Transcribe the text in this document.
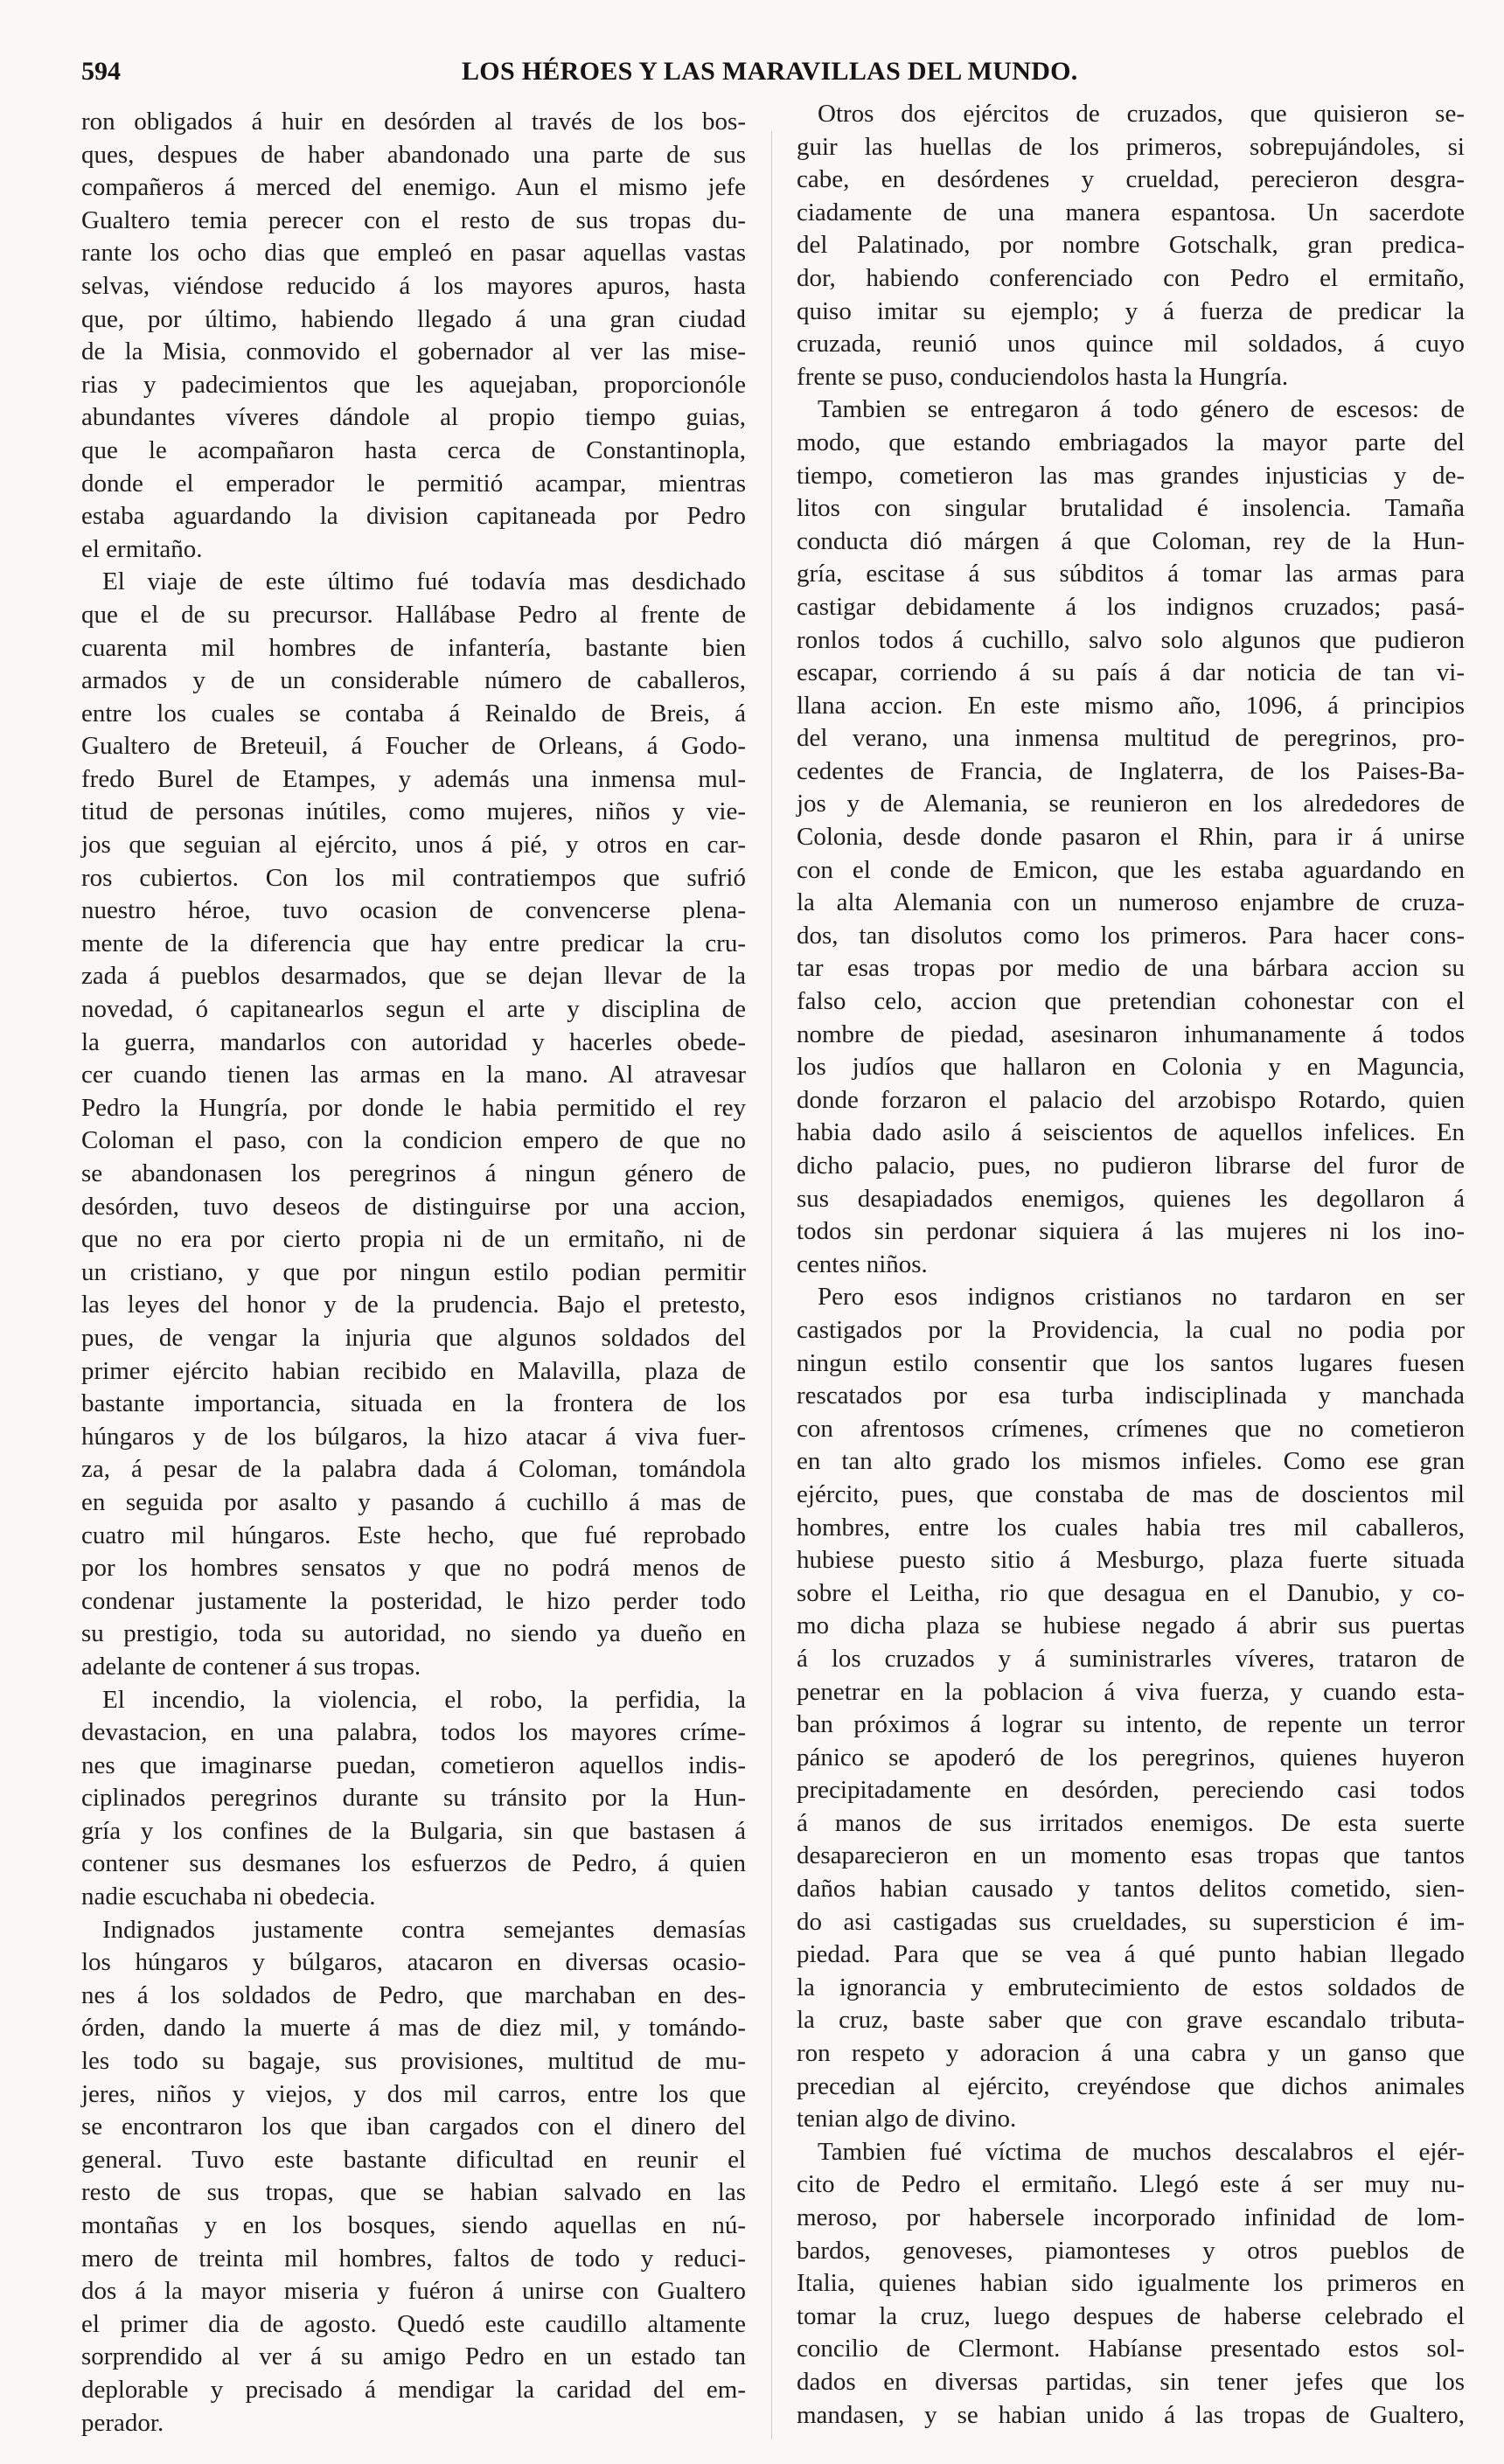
594	LOS HÉROES Y LAS MARAVILLAS DEL MUNDO.
ron obligados á huir en desórden al través de los bos-
ques, despues de haber abandonado una parte de sus
compañeros á merced del enemigo. Aun el mismo jefe
Gualtero temia perecer con el resto de sus tropas du-
rante los ocho dias que empleó en pasar aquellas vastas
selvas, viéndose reducido á los mayores apuros, hasta
que, por último, habiendo llegado á una gran ciudad
de la Misia, conmovido el gobernador al ver las mise-
rias y padecimientos que les aquejaban, proporcionóle
abundantes víveres dándole al propio tiempo guias,
que le acompañaron hasta cerca de Constantinopla,
donde el emperador le permitió acampar, mientras
estaba aguardando la division capitaneada por Pedro
el ermitaño.
El viaje de este último fué todavía mas desdichado
que el de su precursor. Hallábase Pedro al frente de
cuarenta mil hombres de infantería, bastante bien
armados y de un considerable número de caballeros,
entre los cuales se contaba á Reinaldo de Breis, á
Gualtero de Breteuil, á Foucher de Orleans, á Godo-
fredo Burel de Etampes, y además una inmensa mul-
titud de personas inútiles, como mujeres, niños y vie-
jos que seguian al ejército, unos á pié, y otros en car-
ros cubiertos. Con los mil contratiempos que sufrió
nuestro héroe, tuvo ocasion de convencerse plena-
mente de la diferencia que hay entre predicar la cru-
zada á pueblos desarmados, que se dejan llevar de la
novedad, ó capitanearlos segun el arte y disciplina de
la guerra, mandarlos con autoridad y hacerles obede-
cer cuando tienen las armas en la mano. Al atravesar
Pedro la Hungría, por donde le habia permitido el rey
Coloman el paso, con la condicion empero de que no
se abandonasen los peregrinos á ningun género de
desórden, tuvo deseos de distinguirse por una accion,
que no era por cierto propia ni de un ermitaño, ni de
un cristiano, y que por ningun estilo podian permitir
las leyes del honor y de la prudencia. Bajo el pretesto,
pues, de vengar la injuria que algunos soldados del
primer ejército habian recibido en Malavilla, plaza de
bastante importancia, situada en la frontera de los
húngaros y de los búlgaros, la hizo atacar á viva fuer-
za, á pesar de la palabra dada á Coloman, tomándola
en seguida por asalto y pasando á cuchillo á mas de
cuatro mil húngaros. Este hecho, que fué reprobado
por los hombres sensatos y que no podrá menos de
condenar justamente la posteridad, le hizo perder todo
su prestigio, toda su autoridad, no siendo ya dueño en
adelante de contener á sus tropas.
El incendio, la violencia, el robo, la perfidia, la
devastacion, en una palabra, todos los mayores críme-
nes que imaginarse puedan, cometieron aquellos indis-
ciplinados peregrinos durante su tránsito por la Hun-
gría y los confines de la Bulgaria, sin que bastasen á
contener sus desmanes los esfuerzos de Pedro, á quien
nadie escuchaba ni obedecia.
Indignados justamente contra semejantes demasías
los húngaros y búlgaros, atacaron en diversas ocasio-
nes á los soldados de Pedro, que marchaban en des-
órden, dando la muerte á mas de diez mil, y tomándo-
les todo su bagaje, sus provisiones, multitud de mu-
jeres, niños y viejos, y dos mil carros, entre los que
se encontraron los que iban cargados con el dinero del
general. Tuvo este bastante dificultad en reunir el
resto de sus tropas, que se habian salvado en las
montañas y en los bosques, siendo aquellas en nú-
mero de treinta mil hombres, faltos de todo y reduci-
dos á la mayor miseria y fuéron á unirse con Gualtero
el primer dia de agosto. Quedó este caudillo altamente
sorprendido al ver á su amigo Pedro en un estado tan
deplorable y precisado á mendigar la caridad del em-
perador.
Otros dos ejércitos de cruzados, que quisieron se-
guir las huellas de los primeros, sobrepujándoles, si
cabe, en desórdenes y crueldad, perecieron desgra-
ciadamente de una manera espantosa. Un sacerdote
del Palatinado, por nombre Gotschalk, gran predica-
dor, habiendo conferenciado con Pedro el ermitaño,
quiso imitar su ejemplo; y á fuerza de predicar la
cruzada, reunió unos quince mil soldados, á cuyo
frente se puso, conduciendolos hasta la Hungría.
Tambien se entregaron á todo género de escesos: de
modo, que estando embriagados la mayor parte del
tiempo, cometieron las mas grandes injusticias y de-
litos con singular brutalidad é insolencia. Tamaña
conducta dió márgen á que Coloman, rey de la Hun-
gría, escitase á sus súbditos á tomar las armas para
castigar debidamente á los indignos cruzados; pasá-
ronlos todos á cuchillo, salvo solo algunos que pudieron
escapar, corriendo á su país á dar noticia de tan vi-
llana accion. En este mismo año, 1096, á principios
del verano, una inmensa multitud de peregrinos, pro-
cedentes de Francia, de Inglaterra, de los Paises-Ba-
jos y de Alemania, se reunieron en los alrededores de
Colonia, desde donde pasaron el Rhin, para ir á unirse
con el conde de Emicon, que les estaba aguardando en
la alta Alemania con un numeroso enjambre de cruza-
dos, tan disolutos como los primeros. Para hacer cons-
tar esas tropas por medio de una bárbara accion su
falso celo, accion que pretendian cohonestar con el
nombre de piedad, asesinaron inhumanamente á todos
los judíos que hallaron en Colonia y en Maguncia,
donde forzaron el palacio del arzobispo Rotardo, quien
habia dado asilo á seiscientos de aquellos infelices. En
dicho palacio, pues, no pudieron librarse del furor de
sus desapiadados enemigos, quienes les degollaron á
todos sin perdonar siquiera á las mujeres ni los ino-
centes niños.
Pero esos indignos cristianos no tardaron en ser
castigados por la Providencia, la cual no podia por
ningun estilo consentir que los santos lugares fuesen
rescatados por esa turba indisciplinada y manchada
con afrentosos crímenes, crímenes que no cometieron
en tan alto grado los mismos infieles. Como ese gran
ejército, pues, que constaba de mas de doscientos mil
hombres, entre los cuales habia tres mil caballeros,
hubiese puesto sitio á Mesburgo, plaza fuerte situada
sobre el Leitha, rio que desagua en el Danubio, y co-
mo dicha plaza se hubiese negado á abrir sus puertas
á los cruzados y á suministrarles víveres, trataron de
penetrar en la poblacion á viva fuerza, y cuando esta-
ban próximos á lograr su intento, de repente un terror
pánico se apoderó de los peregrinos, quienes huyeron
precipitadamente en desórden, pereciendo casi todos
á manos de sus irritados enemigos. De esta suerte
desaparecieron en un momento esas tropas que tantos
daños habian causado y tantos delitos cometido, sien-
do asi castigadas sus crueldades, su supersticion é im-
piedad. Para que se vea á qué punto habian llegado
la ignorancia y embrutecimiento de estos soldados de
la cruz, baste saber que con grave escandalo tributa-
ron respeto y adoracion á una cabra y un ganso que
precedian al ejército, creyéndose que dichos animales
tenian algo de divino.
Tambien fué víctima de muchos descalabros el ejér-
cito de Pedro el ermitaño. Llegó este á ser muy nu-
meroso, por habersele incorporado infinidad de lom-
bardos, genoveses, piamonteses y otros pueblos de
Italia, quienes habian sido igualmente los primeros en
tomar la cruz, luego despues de haberse celebrado el
concilio de Clermont. Habíanse presentado estos sol-
dados en diversas partidas, sin tener jefes que los
mandasen, y se habian unido á las tropas de Gualtero,
